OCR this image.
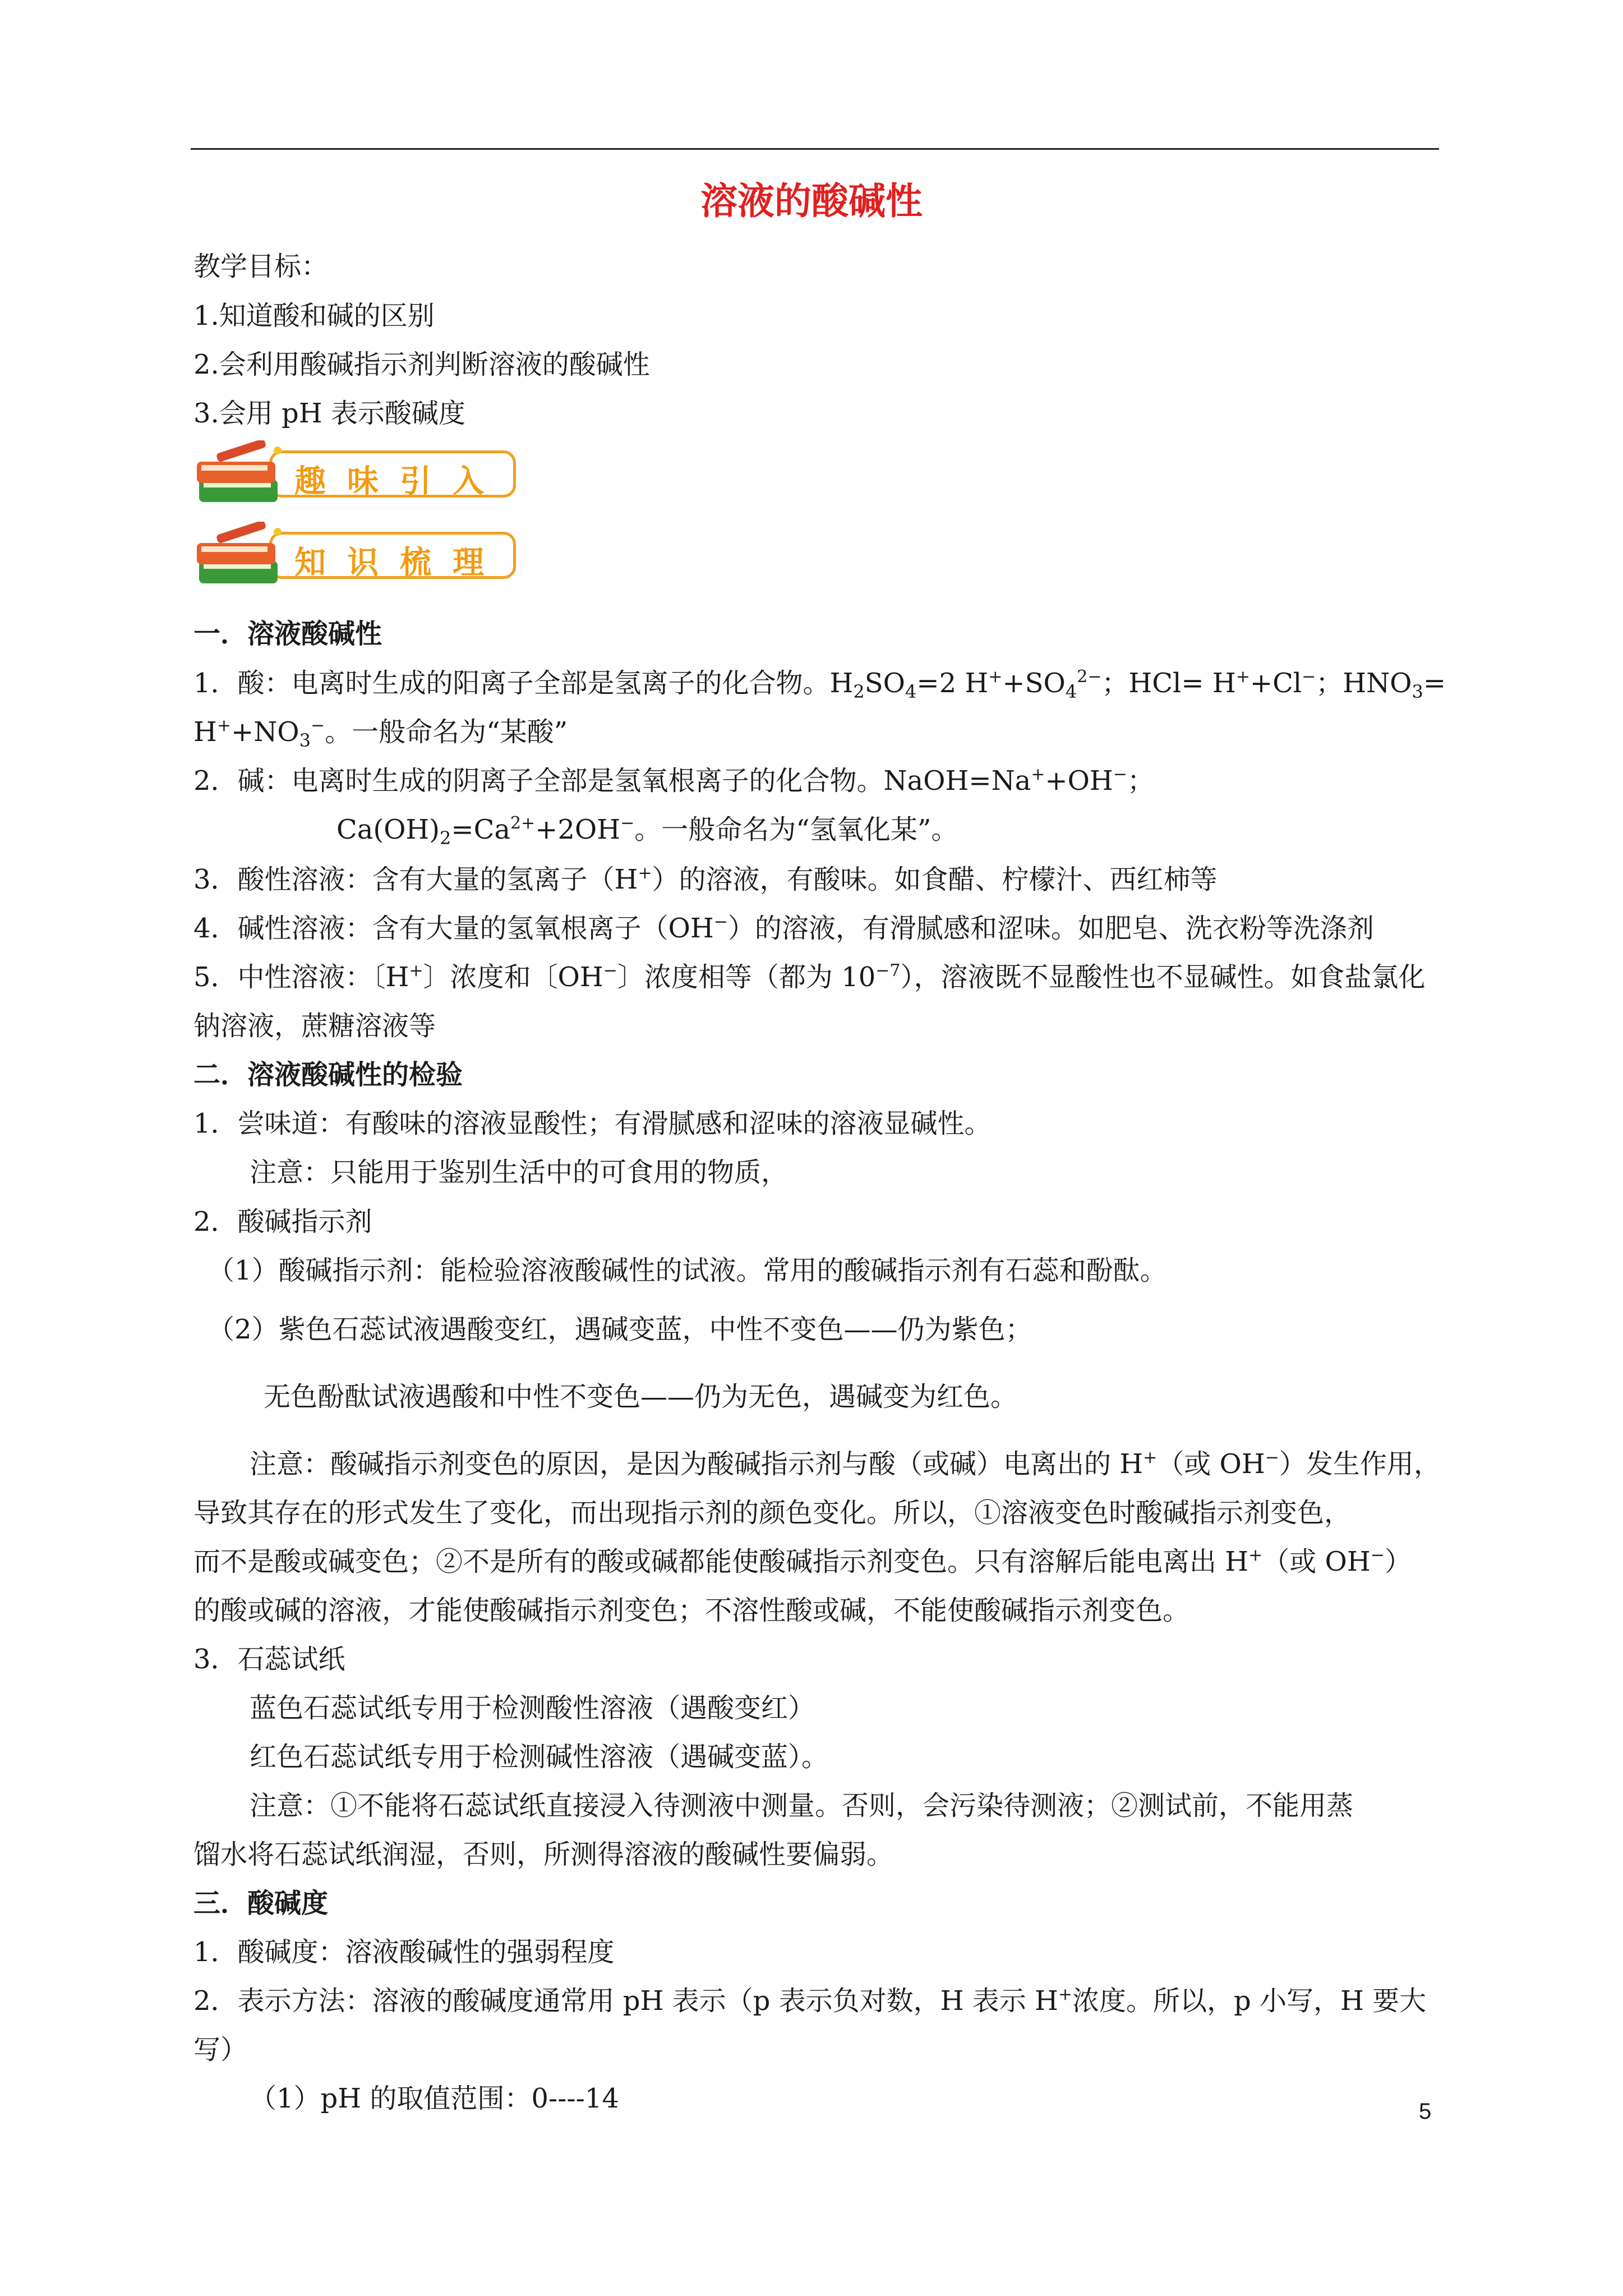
溶液的酸碱性
教学目标：
1.知道酸和碱的区别
2.会利用酸碱指示剂判断溶液的酸碱性
3.会用 pH 表示酸碱度
趣味引入
知识梳理
一．溶液酸碱性
1．酸：电离时生成的阳离子全部是氢离子的化合物。$H_2SO_4=2$ $H^++SO_4^{2-}$；HCl= H++Cl−；$HNO_3=$
$H^++NO_3^-$。一般命名为“某酸”
2．碱：电离时生成的阴离子全部是氢氧根离子的化合物。NaOH=Na++OH−；
$Ca(OH)_2=Ca^{2+}+2OH^-$。一般命名为“氢氧化某”。
3．酸性溶液：含有大量的氢离子（H+）的溶液，有酸味。如食醋、柠檬汁、西红柿等
4．碱性溶液：含有大量的氢氧根离子（OH−）的溶液，有滑腻感和涩味。如肥皂、洗衣粉等洗涤剂
5．中性溶液：〔H+〕浓度和〔OH−〕浓度相等（都为 $10^{-7}$），溶液既不显酸性也不显碱性。如食盐氯化
钠溶液，蔗糖溶液等
二．溶液酸碱性的检验
1．尝味道：有酸味的溶液显酸性；有滑腻感和涩味的溶液显碱性。
注意：只能用于鉴别生活中的可食用的物质，
2．酸碱指示剂
（1）酸碱指示剂：能检验溶液酸碱性的试液。常用的酸碱指示剂有石蕊和酚酞。
（2）紫色石蕊试液遇酸变红，遇碱变蓝，中性不变色——仍为紫色；
无色酚酞试液遇酸和中性不变色——仍为无色，遇碱变为红色。
注意：酸碱指示剂变色的原因，是因为酸碱指示剂与酸（或碱）电离出的 H+（或 OH−）发生作用，
导致其存在的形式发生了变化，而出现指示剂的颜色变化。所以，①溶液变色时酸碱指示剂变色，
而不是酸或碱变色；②不是所有的酸或碱都能使酸碱指示剂变色。只有溶解后能电离出 H+（或 OH−）
的酸或碱的溶液，才能使酸碱指示剂变色；不溶性酸或碱，不能使酸碱指示剂变色。
3．石蕊试纸
蓝色石蕊试纸专用于检测酸性溶液（遇酸变红）
红色石蕊试纸专用于检测碱性溶液（遇碱变蓝）。
注意：①不能将石蕊试纸直接浸入待测液中测量。否则，会污染待测液；②测试前，不能用蒸
馏水将石蕊试纸润湿，否则，所测得溶液的酸碱性要偏弱。
三．酸碱度
1．酸碱度：溶液酸碱性的强弱程度
2．表示方法：溶液的酸碱度通常用 pH 表示（p 表示负对数，H 表示 H+浓度。所以，p 小写，H 要大
写）
（1）pH 的取值范围：0----14	5
